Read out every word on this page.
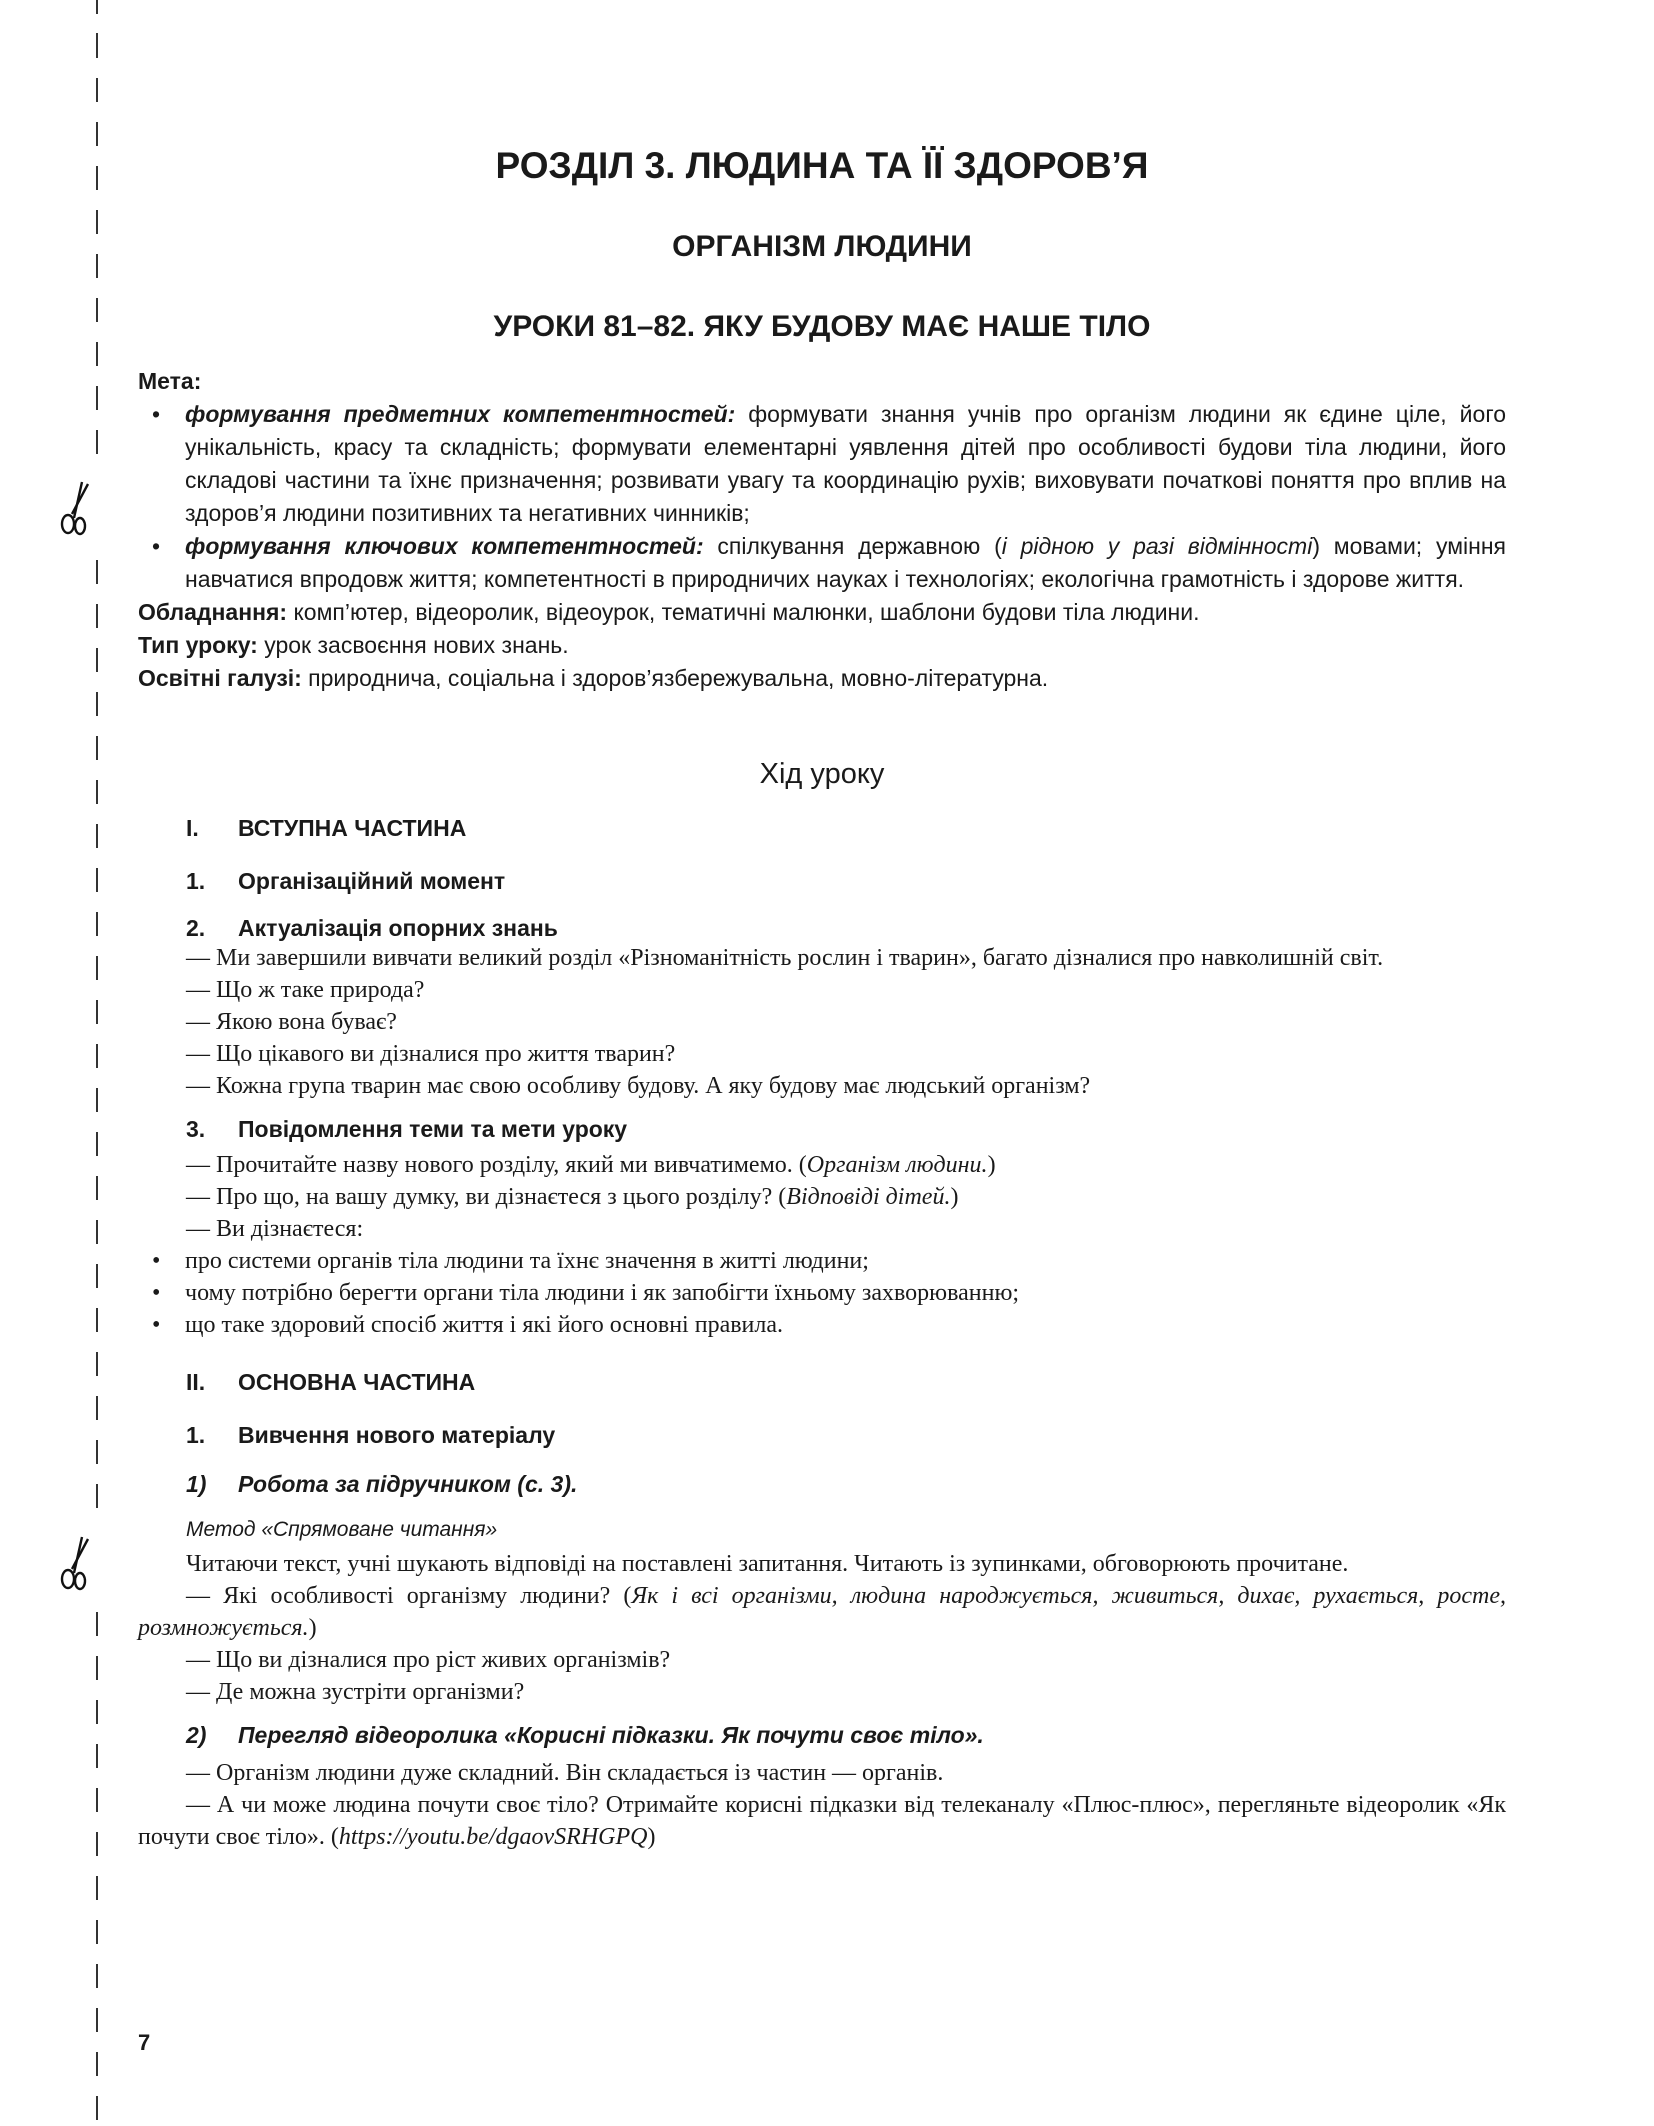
РОЗДІЛ 3. ЛЮДИНА ТА ЇЇ ЗДОРОВ’Я
ОРГАНІЗМ ЛЮДИНИ
УРОКИ 81–82. ЯКУ БУДОВУ МАЄ НАШЕ ТІЛО

Мета:

• формування предметних компетентностей: формувати знання учнів про організм людини як єдине ціле, його унікальність, красу та складність; формувати елементарні уявлення дітей про особливості будови тіла людини, його складові частини та їхнє призначення; розвивати увагу та координацію рухів; виховувати початкові поняття про вплив на здоров’я людини позитивних та негативних чинників;
• формування ключових компетентностей: спілкування державною (і рідною у разі відмінності) мовами; уміння навчатися впродовж життя; компетентності в природничих науках і технологіях; екологічна грамотність і здорове життя.

Обладнання: комп’ютер, відеоролик, відеоурок, тематичні малюнки, шаблони будови тіла людини.

Тип уроку: урок засвоєння нових знань.

Освітні галузі: природнича, соціальна і здоров’язбережувальна, мовно-літературна.

Хід уроку
I.	ВСТУПНА ЧАСТИНА
1.	Організаційний момент
2.	Актуалізація опорних знань

— Ми завершили вивчати великий розділ «Різноманітність рослин і тварин», багато дізналися про навколишній світ.

— Що ж таке природа?

— Якою вона буває?

— Що цікавого ви дізналися про життя тварин?

— Кожна група тварин має свою особливу будову. А яку будову має людський організм?

3.	Повідомлення теми та мети уроку

— Прочитайте назву нового розділу, який ми вивчатимемо. (Організм людини.)

— Про що, на вашу думку, ви дізнаєтеся з цього розділу? (Відповіді дітей.)

— Ви дізнаєтеся:

• про системи органів тіла людини та їхнє значення в житті людини;

• чому потрібно берегти органи тіла людини і як запобігти їхньому захворюванню;

• що таке здоровий спосіб життя і які його основні правила.

II.	ОСНОВНА ЧАСТИНА
1.	Вивчення нового матеріалу
1)	Робота за підручником (с. 3).
Метод «Спрямоване читання»

Читаючи текст, учні шукають відповіді на поставлені запитання. Читають із зупинками, обговорюють прочитане.

— Які особливості організму людини? (Як і всі організми, людина народжується, живиться, дихає, рухається, росте, розмножується.)

— Що ви дізналися про ріст живих організмів?

— Де можна зустріти організми?

2)	Перегляд відеоролика «Корисні підказки. Як почути своє тіло».

— Організм людини дуже складний. Він складається із частин — органів.

— А чи може людина почути своє тіло? Отримайте корисні підказки від телеканалу «Плюс-плюс», перегляньте відеоролик «Як почути своє тіло». (https://youtu.be/dgaovSRHGPQ)

7
